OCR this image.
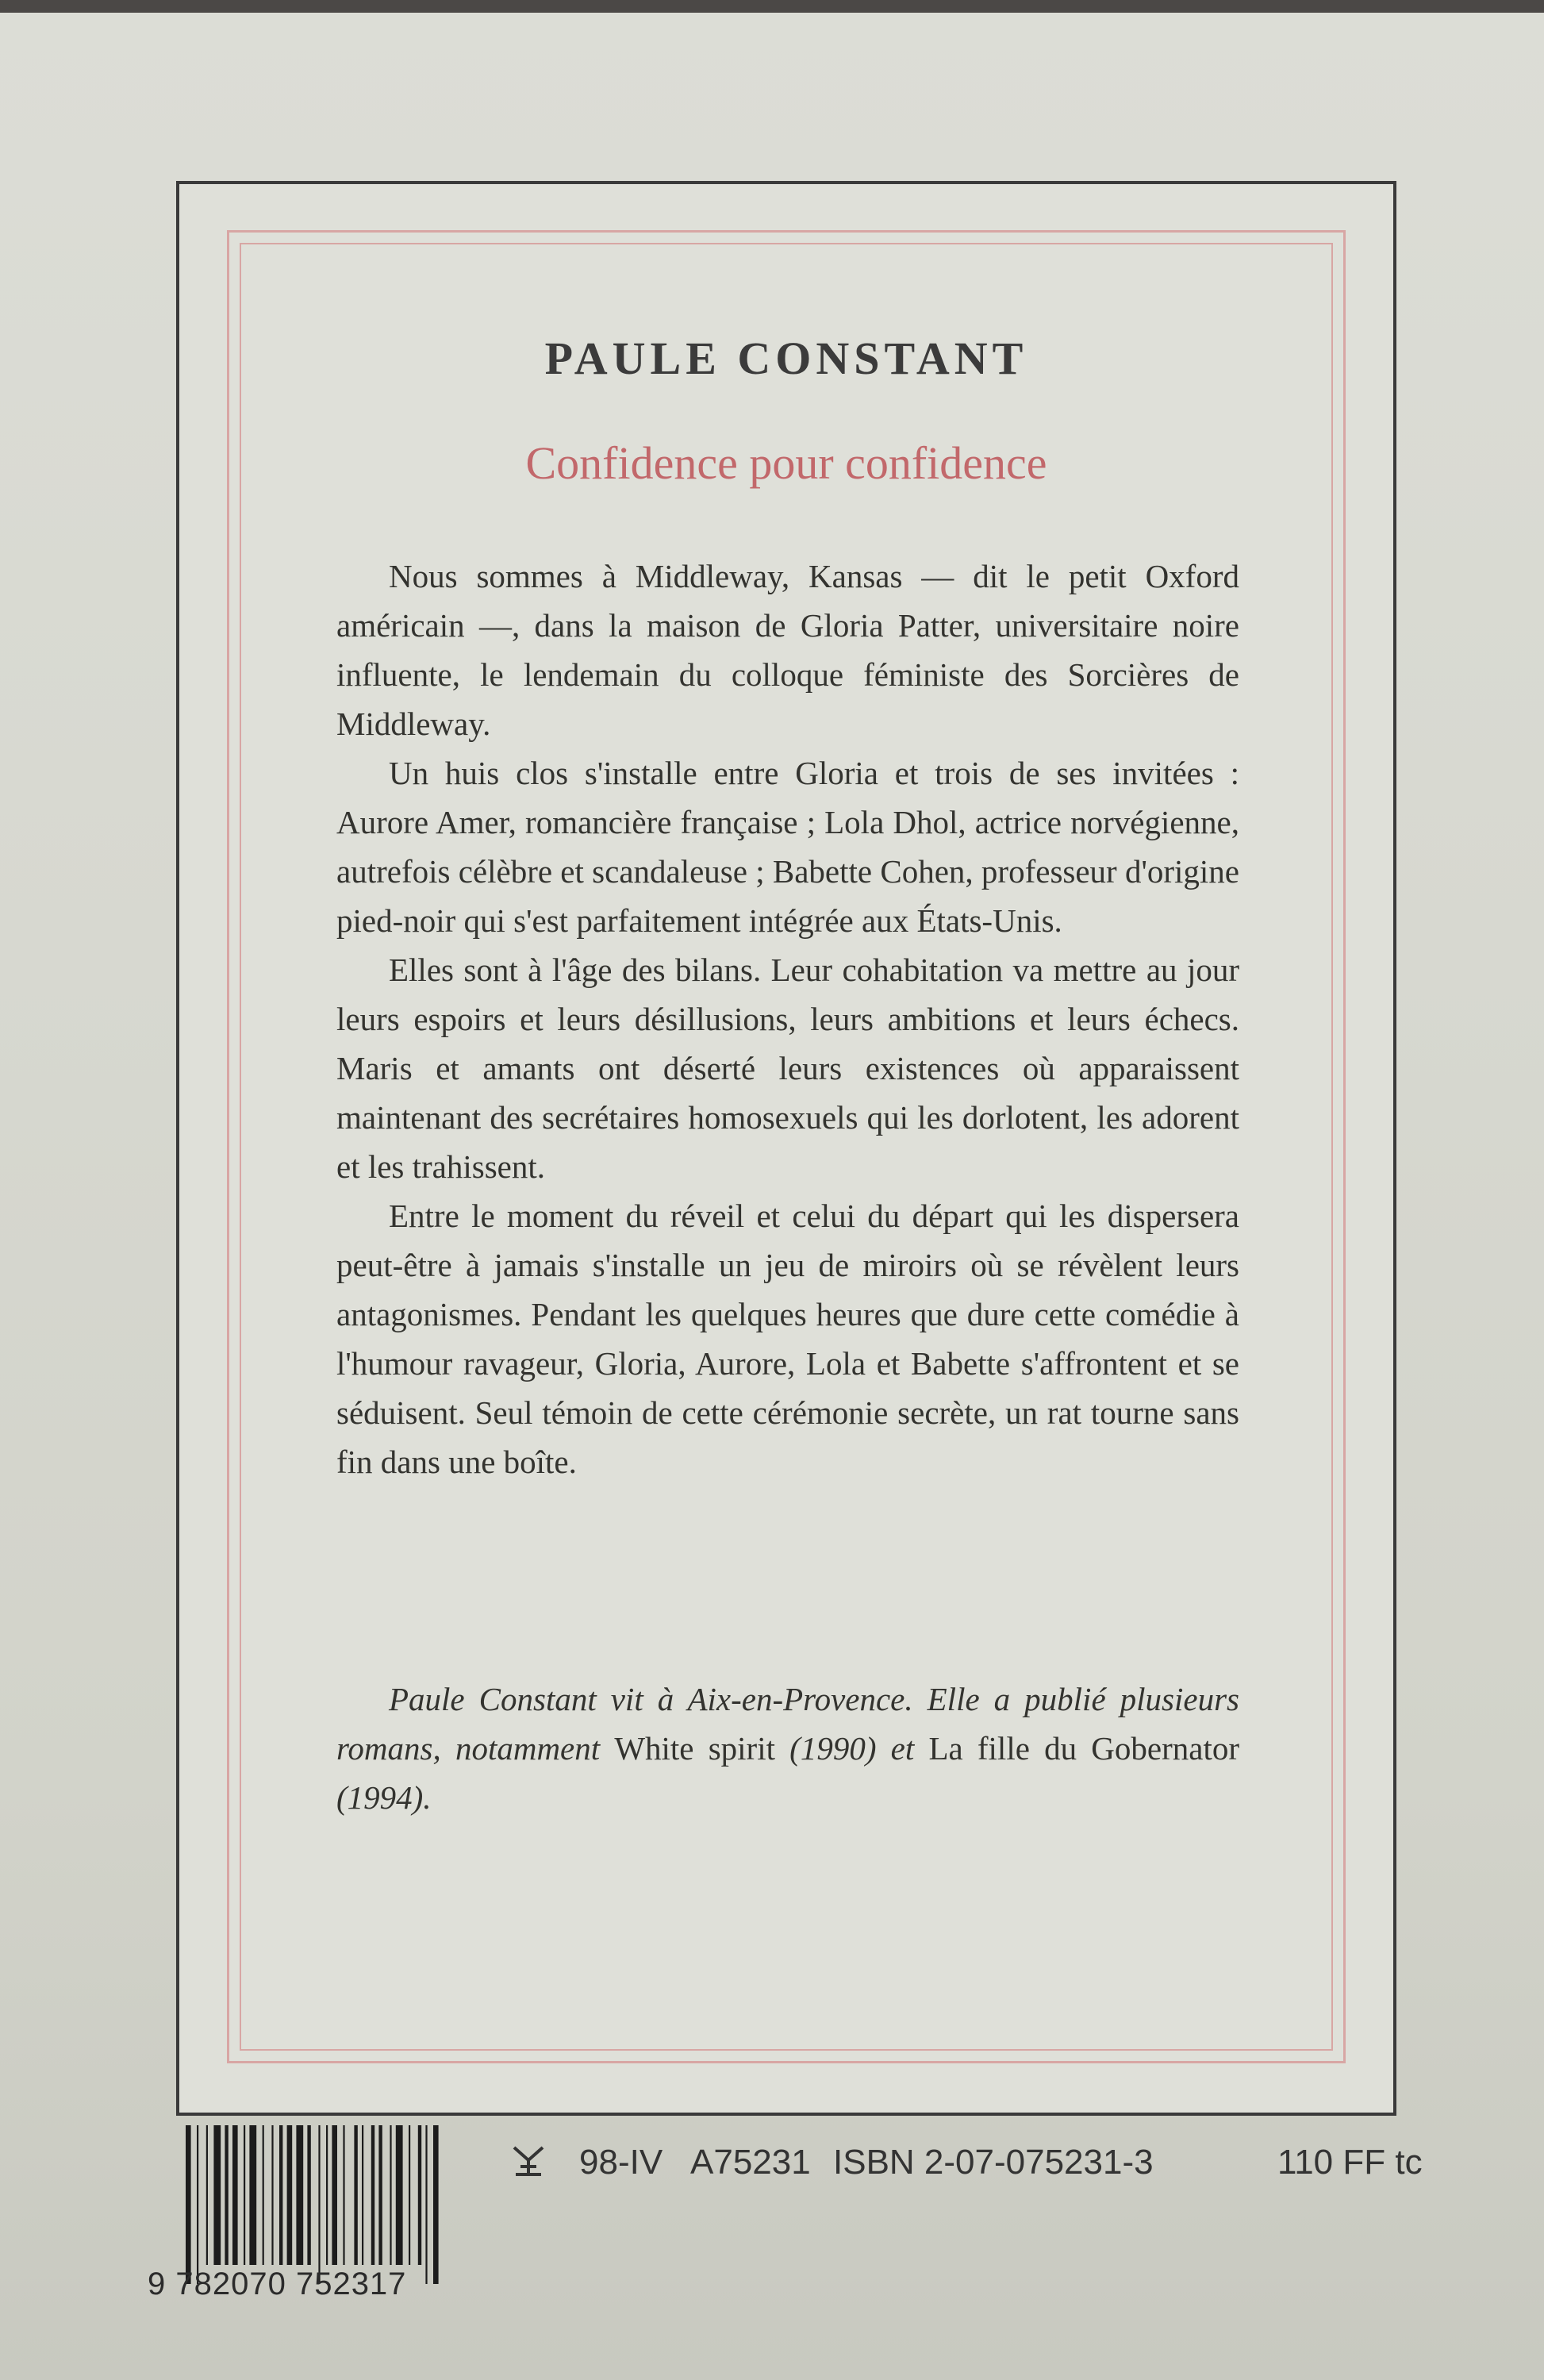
PAULE CONSTANT
Confidence pour confidence

Nous sommes à Middleway, Kansas — dit le petit Oxford américain —, dans la maison de Gloria Patter, universitaire noire influente, le lendemain du colloque féministe des Sorcières de Middleway.

Un huis clos s'installe entre Gloria et trois de ses invitées : Aurore Amer, romancière française ; Lola Dhol, actrice norvégienne, autrefois célèbre et scandaleuse ; Babette Cohen, professeur d'origine pied-noir qui s'est parfaitement intégrée aux États-Unis.

Elles sont à l'âge des bilans. Leur cohabitation va mettre au jour leurs espoirs et leurs désillusions, leurs ambitions et leurs échecs. Maris et amants ont déserté leurs existences où apparaissent maintenant des secrétaires homosexuels qui les dorlotent, les adorent et les trahissent.

Entre le moment du réveil et celui du départ qui les dispersera peut-être à jamais s'installe un jeu de miroirs où se révèlent leurs antagonismes. Pendant les quelques heures que dure cette comédie à l'humour ravageur, Gloria, Aurore, Lola et Babette s'affrontent et se séduisent. Seul témoin de cette cérémonie secrète, un rat tourne sans fin dans une boîte.

Paule Constant vit à Aix-en-Provence. Elle a publié plusieurs romans, notamment White spirit (1990) et La fille du Gobernator (1994).
9 782070 752317
98-IV A75231 ISBN 2-07-075231-3	110 FF tc
